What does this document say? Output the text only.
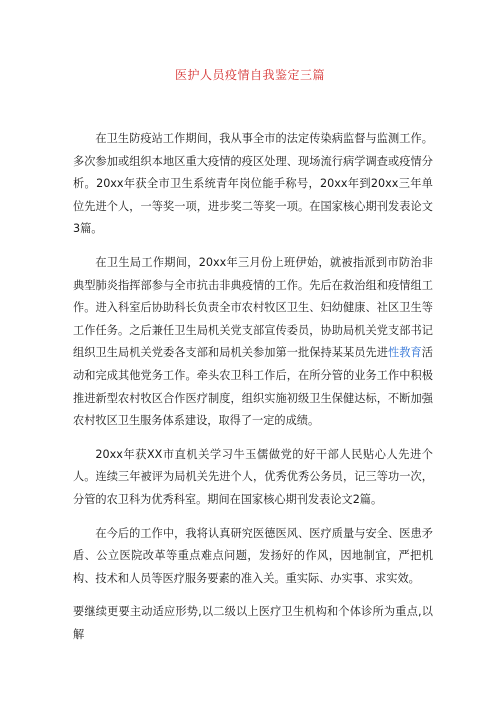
医护人员疫情自我鉴定三篇

在卫生防疫站工作期间，我从事全市的法定传染病监督与监测工作。多次参加或组织本地区重大疫情的疫区处理、现场流行病学调查或疫情分析。20xx年获全市卫生系统青年岗位能手称号，20xx年到20xx三年单位先进个人，一等奖一项，进步奖二等奖一项。在国家核心期刊发表论文3篇。

在卫生局工作期间，20xx年三月份上班伊始，就被指派到市防治非典型肺炎指挥部参与全市抗击非典疫情的工作。先后在救治组和疫情组工作。进入科室后协助科长负责全市农村牧区卫生、妇幼健康、社区卫生等工作任务。之后兼任卫生局机关党支部宣传委员，协助局机关党支部书记组织卫生局机关党委各支部和局机关参加第一批保持某某员先进性教育活动和完成其他党务工作。牵头农卫科工作后，在所分管的业务工作中积极推进新型农村牧区合作医疗制度，组织实施初级卫生保健达标，不断加强农村牧区卫生服务体系建设，取得了一定的成绩。

20xx年获XX市直机关学习牛玉儒做党的好干部人民贴心人先进个人。连续三年被评为局机关先进个人，优秀优秀公务员，记三等功一次，分管的农卫科为优秀科室。期间在国家核心期刊发表论文2篇。

在今后的工作中，我将认真研究医德医风、医疗质量与安全、医患矛盾、公立医院改革等重点难点问题，发扬好的作风，因地制宜，严把机构、技术和人员等医疗服务要素的准入关。重实际、办实事、求实效。

要继续更要主动适应形势,以二级以上医疗卫生机构和个体诊所为重点,以解
